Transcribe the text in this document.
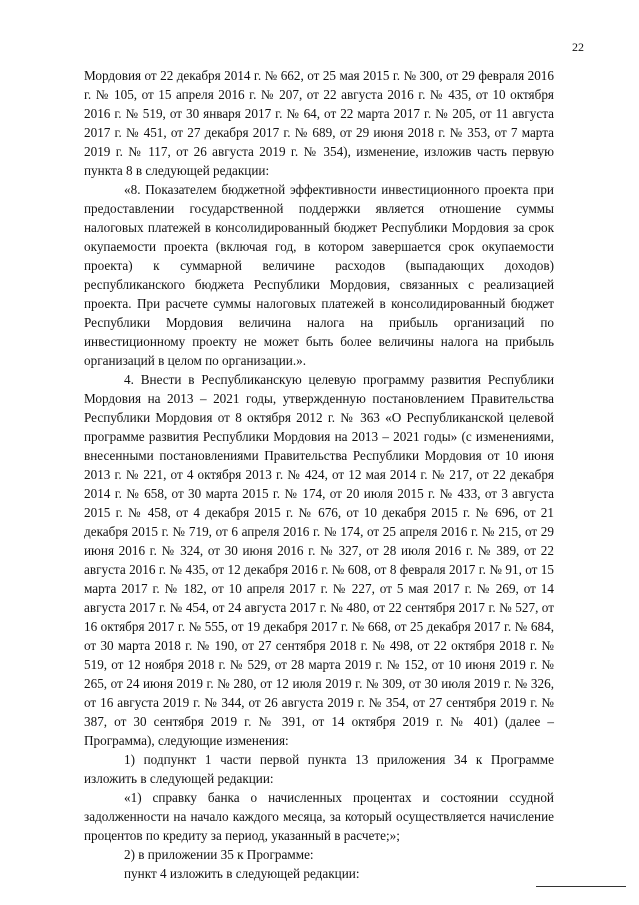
22

Мордовия от 22 декабря 2014 г. № 662, от 25 мая 2015 г. № 300, от 29 февраля 2016 г. № 105, от 15 апреля 2016 г. № 207, от 22 августа 2016 г. № 435, от 10 октября 2016 г. № 519, от 30 января 2017 г. № 64, от 22 марта 2017 г. № 205, от 11 августа 2017 г. № 451, от 27 декабря 2017 г. № 689, от 29 июня 2018 г. № 353, от 7 марта 2019 г. № 117, от 26 августа 2019 г. № 354), изменение, изложив часть первую пункта 8 в следующей редакции:

«8. Показателем бюджетной эффективности инвестиционного проекта при предоставлении государственной поддержки является отношение суммы налоговых платежей в консолидированный бюджет Республики Мордовия за срок окупаемости проекта (включая год, в котором завершается срок окупаемости проекта) к суммарной величине расходов (выпадающих доходов) республиканского бюджета Республики Мордовия, связанных с реализацией проекта. При расчете суммы налоговых платежей в консолидированный бюджет Республики Мордовия величина налога на прибыль организаций по инвестиционному проекту не может быть более величины налога на прибыль организаций в целом по организации.».

4. Внести в Республиканскую целевую программу развития Республики Мордовия на 2013 – 2021 годы, утвержденную постановлением Правительства Республики Мордовия от 8 октября 2012 г. № 363 «О Республиканской целевой программе развития Республики Мордовия на 2013 – 2021 годы» (с изменениями, внесенными постановлениями Правительства Республики Мордовия от 10 июня 2013 г. № 221, от 4 октября 2013 г. № 424, от 12 мая 2014 г. № 217, от 22 декабря 2014 г. № 658, от 30 марта 2015 г. № 174, от 20 июля 2015 г. № 433, от 3 августа 2015 г. № 458, от 4 декабря 2015 г. № 676, от 10 декабря 2015 г. № 696, от 21 декабря 2015 г. № 719, от 6 апреля 2016 г. № 174, от 25 апреля 2016 г. № 215, от 29 июня 2016 г. № 324, от 30 июня 2016 г. № 327, от 28 июля 2016 г. № 389, от 22 августа 2016 г. № 435, от 12 декабря 2016 г. № 608, от 8 февраля 2017 г. № 91, от 15 марта 2017 г. № 182, от 10 апреля 2017 г. № 227, от 5 мая 2017 г. № 269, от 14 августа 2017 г. № 454, от 24 августа 2017 г. № 480, от 22 сентября 2017 г. № 527, от 16 октября 2017 г. № 555, от 19 декабря 2017 г. № 668, от 25 декабря 2017 г. № 684, от 30 марта 2018 г. № 190, от 27 сентября 2018 г. № 498, от 22 октября 2018 г. № 519, от 12 ноября 2018 г. № 529, от 28 марта 2019 г. № 152, от 10 июня 2019 г. № 265, от 24 июня 2019 г. № 280, от 12 июля 2019 г. № 309, от 30 июля 2019 г. № 326, от 16 августа 2019 г. № 344, от 26 августа 2019 г. № 354, от 27 сентября 2019 г. № 387, от 30 сентября 2019 г. № 391, от 14 октября 2019 г. № 401) (далее – Программа), следующие изменения:

1) подпункт 1 части первой пункта 13 приложения 34 к Программе изложить в следующей редакции:

«1) справку банка о начисленных процентах и состоянии ссудной задолженности на начало каждого месяца, за который осуществляется начисление процентов по кредиту за период, указанный в расчете;»;

2) в приложении 35 к Программе:

пункт 4 изложить в следующей редакции:
